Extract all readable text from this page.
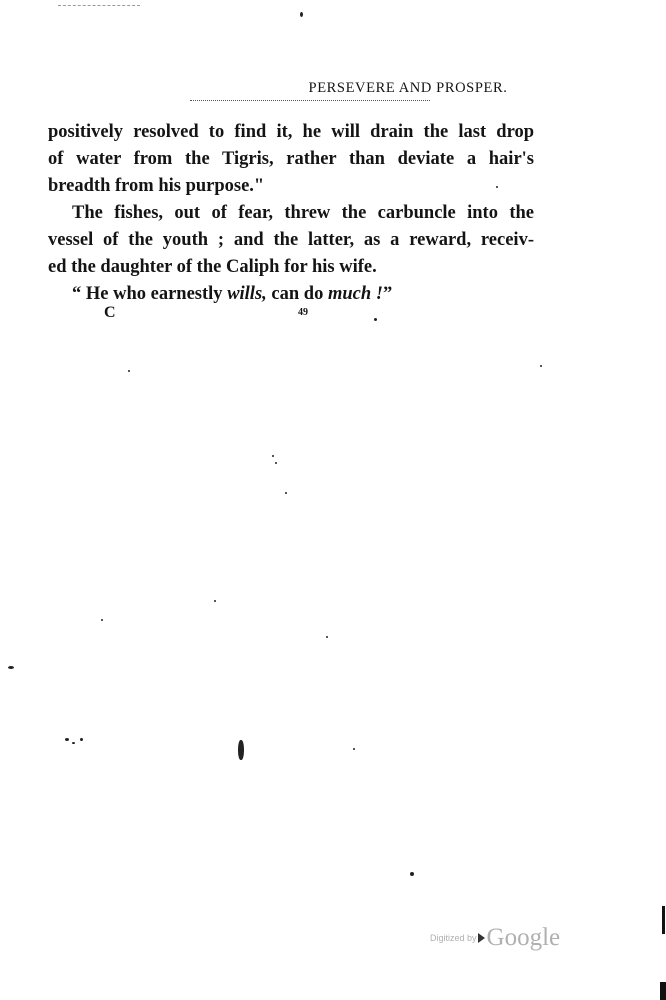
PERSEVERE AND PROSPER.
positively resolved to find it, he will drain the last drop
of water from the Tigris, rather than deviate a hair's
breadth from his purpose."
The fishes, out of fear, threw the carbuncle into the
vessel of the youth ; and the latter, as a reward, receiv-
ed the daughter of the Caliph for his wife.
“ He who earnestly wills, can do much !”
C	49
Digitized by Google
